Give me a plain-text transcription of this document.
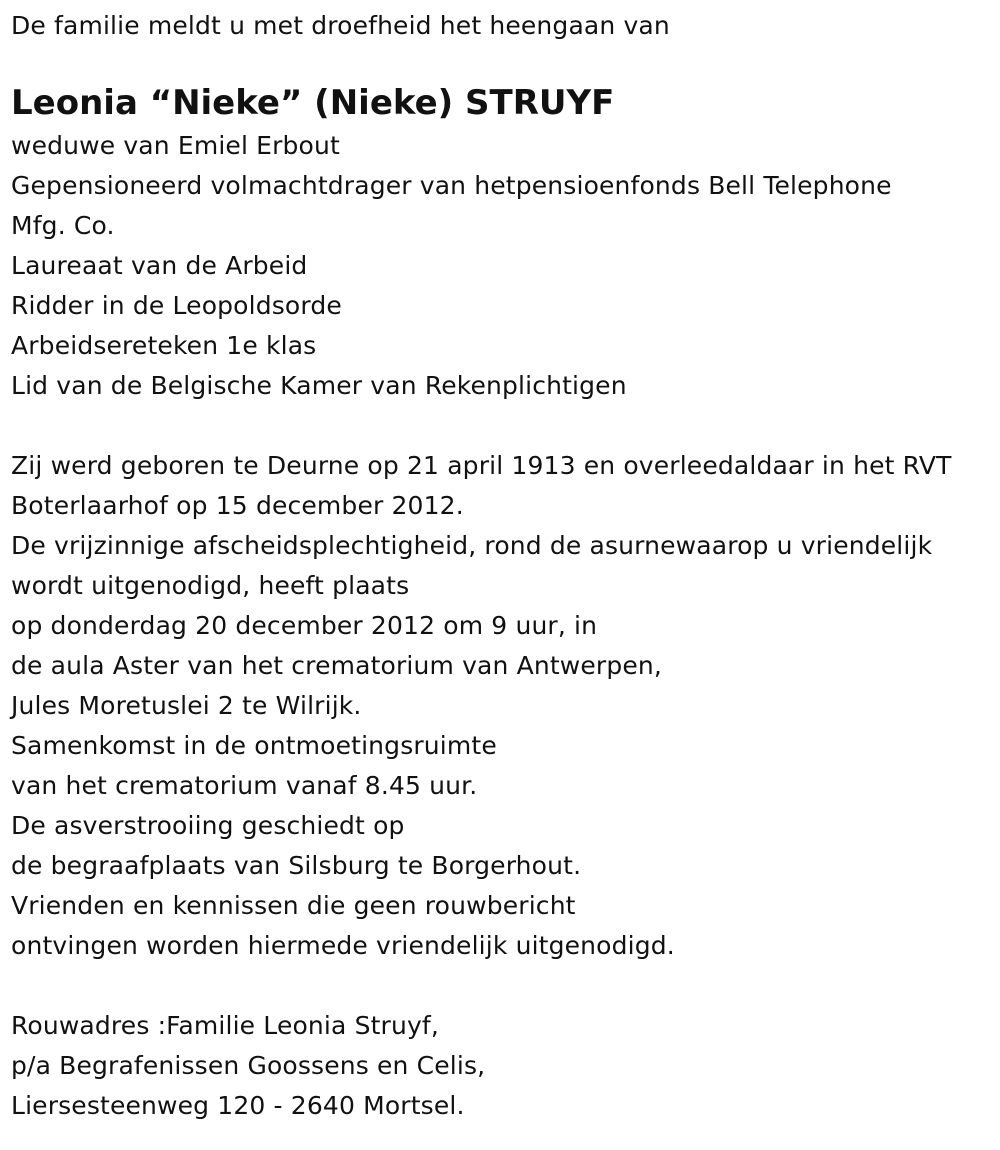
De familie meldt u met droefheid het heengaan van
Leonia “Nieke” (Nieke) STRUYF
weduwe van Emiel Erbout
Gepensioneerd volmachtdrager van hetpensioenfonds Bell Telephone
Mfg. Co.
Laureaat van de Arbeid
Ridder in de Leopoldsorde
Arbeidsereteken 1e klas
Lid van de Belgische Kamer van Rekenplichtigen
Zij werd geboren te Deurne op 21 april 1913 en overleedaldaar in het RVT
Boterlaarhof op 15 december 2012.
De vrijzinnige afscheidsplechtigheid, rond de asurnewaarop u vriendelijk
wordt uitgenodigd, heeft plaats
op donderdag 20 december 2012 om 9 uur, in
de aula Aster van het crematorium van Antwerpen,
Jules Moretuslei 2 te Wilrijk.
Samenkomst in de ontmoetingsruimte
van het crematorium vanaf 8.45 uur.
De asverstrooiing geschiedt op
de begraafplaats van Silsburg te Borgerhout.
Vrienden en kennissen die geen rouwbericht
ontvingen worden hiermede vriendelijk uitgenodigd.
Rouwadres :Familie Leonia Struyf,
p/a Begrafenissen Goossens en Celis,
Liersesteenweg 120 - 2640 Mortsel.
